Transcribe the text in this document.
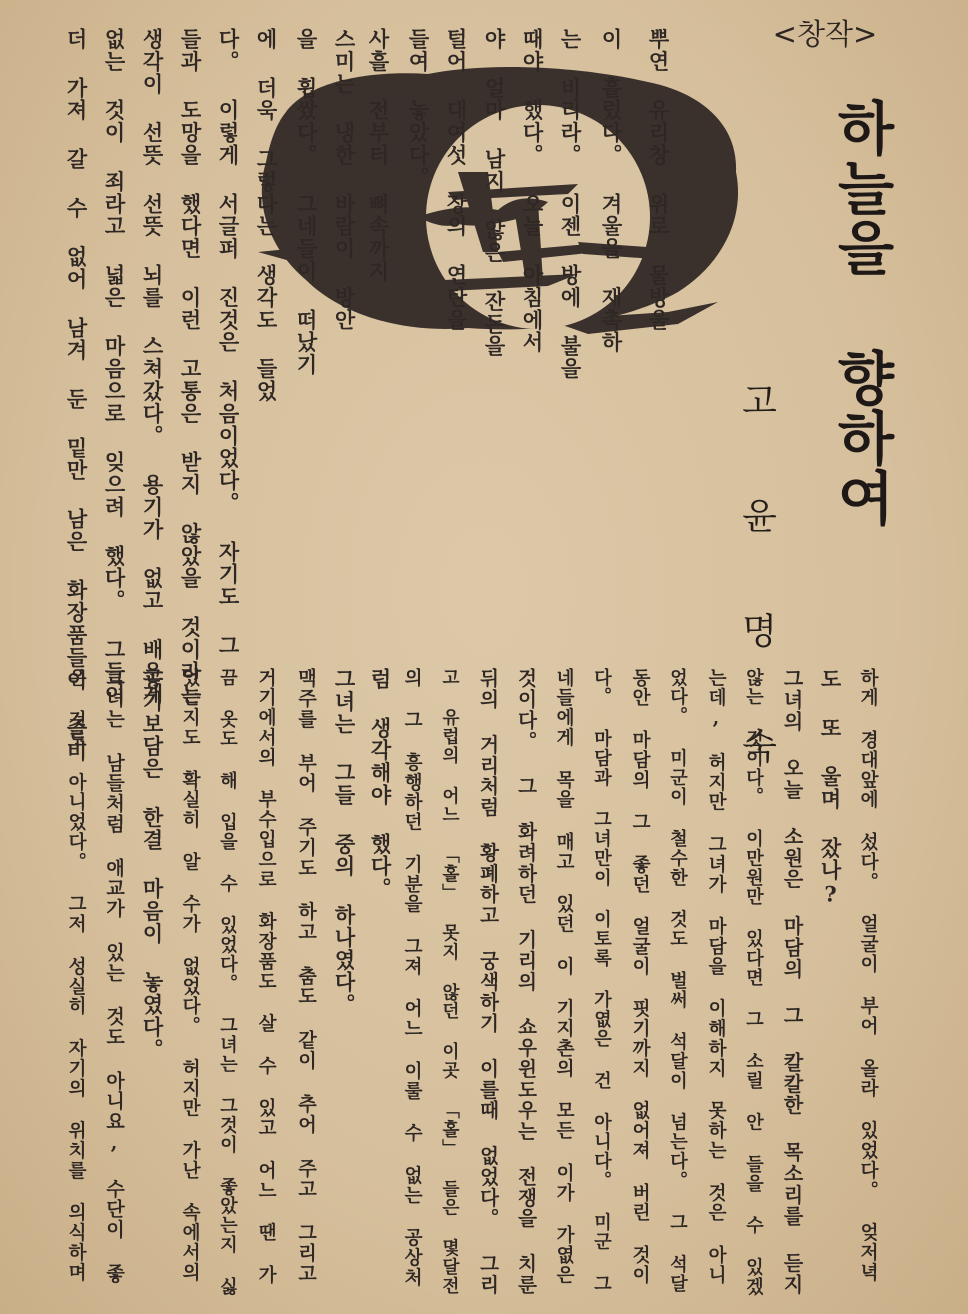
<창작>
하늘을 향하여
고 윤 명 숙
뿌연 유리창 위로 물방울
이 흘렀다。 겨울을 재촉하
는 비리라。 이젠 방에 불을
때야 했다。 오늘 아침에서
야 얼마 남지 않은 잔돈을
털어 대여섯 장의 연탄을
들여 놓았다。
사흘 전부터 뼈속까지
스미는 냉한 바람이 방안
을 휩쌌다。 그네들이 떠났기
에 더욱 그렇다는 생각도 들었
다。 이렇게 서글퍼 진것은 처음이었다。 자기도 그
들과 도망을 했다면 이런 고통은 받지 않았을 것이라는
생각이 선뜻 선뜻 뇌를 스쳐갔다。 용기가 없고 배운게
없는 것이 죄라고 넓은 마음으로 잊으려 했다。 그들이
더 가져 갈 수 없어 남겨 둔 밑만 남은 화장품들이 즐비
하게 경대앞에 섰다。 얼굴이 부어 올라 있었다。 엊저녁
도 또 울며 잤나?
그녀의 오늘 소원은 마담의 그 칼칼한 목소리를 듣지
않는 것이다。 이만원만 있다면 그 소릴 안 들을 수 있겠
는데, 허지만 그녀가 마담을 이해하지 못하는 것은 아니
었다。 미군이 철수한 것도 벌써 석달이 넘는다。 그 석달
동안 마담의 그 좋던 얼굴이 핏기까지 없어져 버린 것이
다。 마담과 그녀만이 이토록 가엾은 건 아니다。 미군 그
네들에게 목을 매고 있던 이 기지촌의 모든 이가 가엾은
것이다。 그 화려하던 기리의 쇼우윈도우는 전쟁을 치룬
뒤의 거리처럼 황폐하고 궁색하기 이를때 없었다。 그리
고 유럽의 어느 「홀」 못지 않던 이곳 「홀」 들은 몇달전
의 그 흥행하던 기분을 그져 어느 이룰 수 없는 공상처
럼 생각해야 했다。
그녀는 그들 중의 하나였다。
맥주를 부어 주기도 하고 춤도 같이 추어 주고 그리고
거기에서의 부수입으로 화장품도 살 수 있고 어느 땐 가
끔 옷도 해 입을 수 있었다。 그녀는 그것이 좋았는지 싫
었는지도 확실히 알 수가 없었다。 허지만 가난 속에서의
공기보담은 한결 마음이 놓였다。
그녀는 남들처럼 애교가 있는 것도 아니요, 수단이 좋
은 것도 아니었다。 그저 성실히 자기의 위치를 의식하며
